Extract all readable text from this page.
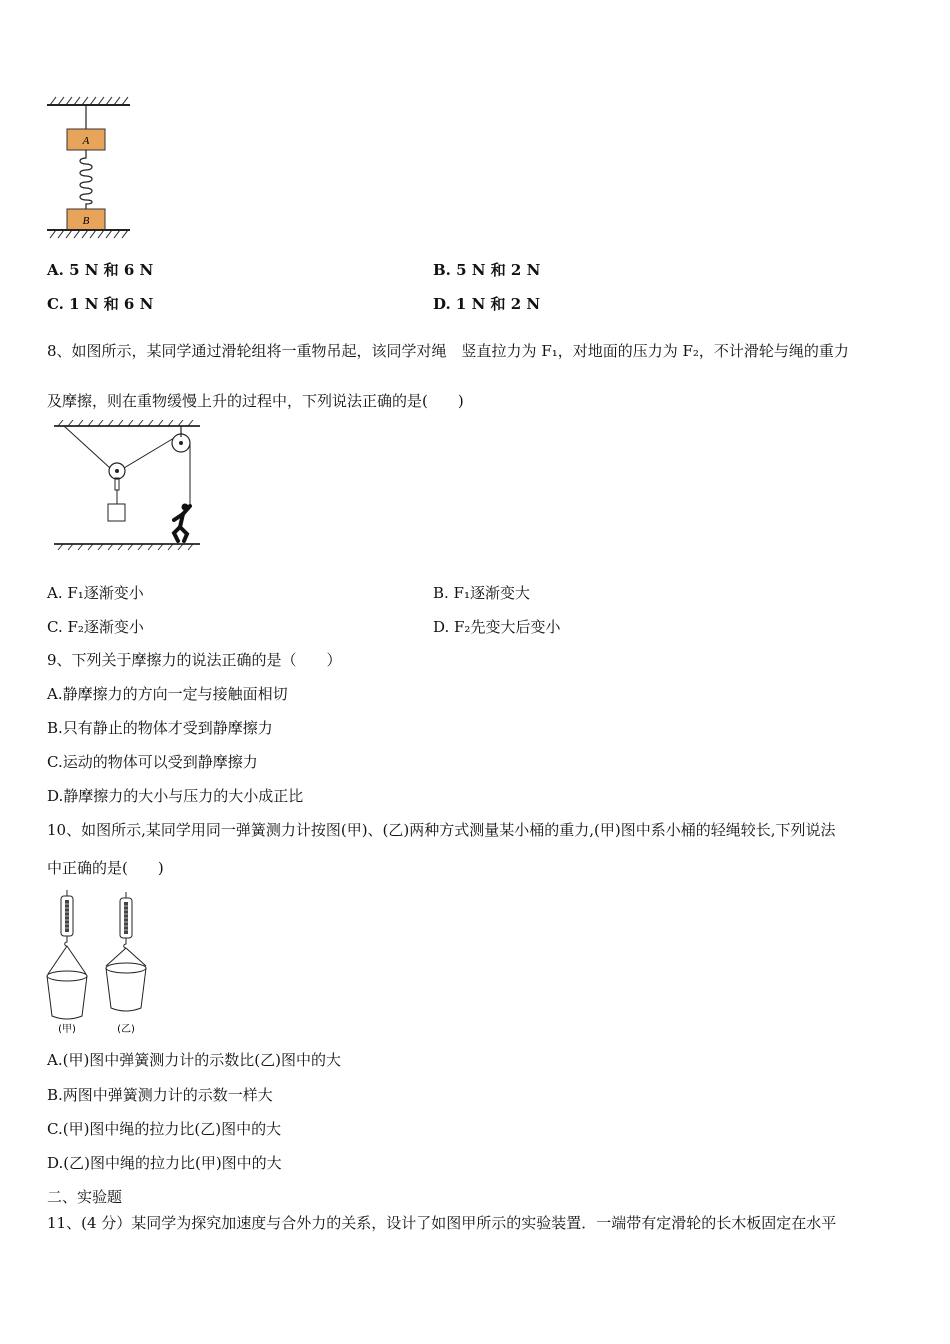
A
B
A. 5 N 和 6 N	B. 5 N 和 2 N
C. 1 N 和 6 N	D. 1 N 和 2 N
8、如图所示，某同学通过滑轮组将一重物吊起，该同学对绳　竖直拉力为 F₁，对地面的压力为 F₂，不计滑轮与绳的重力
及摩擦，则在重物缓慢上升的过程中，下列说法正确的是(　　)
A. F₁逐渐变小	B. F₁逐渐变大
C. F₂逐渐变小	D. F₂先变大后变小
9、下列关于摩擦力的说法正确的是（　　）
A.静摩擦力的方向一定与接触面相切
B.只有静止的物体才受到静摩擦力
C.运动的物体可以受到静摩擦力
D.静摩擦力的大小与压力的大小成正比
10、如图所示,某同学用同一弹簧测力计按图(甲)、(乙)两种方式测量某小桶的重力,(甲)图中系小桶的轻绳较长,下列说法
中正确的是(　　)
(甲)	(乙)
A.(甲)图中弹簧测力计的示数比(乙)图中的大
B.两图中弹簧测力计的示数一样大
C.(甲)图中绳的拉力比(乙)图中的大
D.(乙)图中绳的拉力比(甲)图中的大
二、实验题
11、(4 分）某同学为探究加速度与合外力的关系，设计了如图甲所示的实验装置．一端带有定滑轮的长木板固定在水平
